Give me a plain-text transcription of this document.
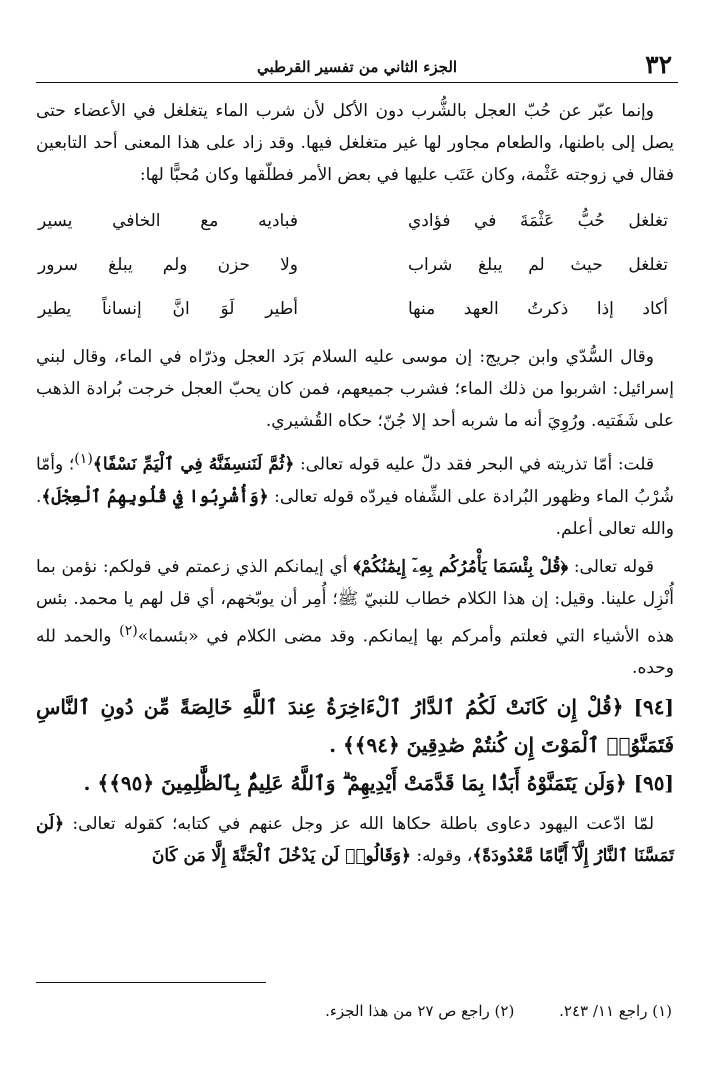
٣٢
الجزء الثاني من تفسير القرطبي

وإنما عبّر عن حُبّ العجل بالشُّرب دون الأكل لأن شرب الماء يتغلغل في الأعضاء حتى يصل إلى باطنها، والطعام مجاور لها غير متغلغل فيها. وقد زاد على هذا المعنى أحد التابعين فقال في زوجته عَثْمة، وكان عَتَب عليها في بعض الأمر فطلّقها وكان مُحبًّا لها:

تغلغل حُبُّ عَثْمَةَ في فؤادي
فباديه مع الخافي يسير
تغلغل حيث لم يبلغ شراب
ولا حزن ولم يبلغ سرور
أكاد إذا ذكرتُ العهد منها
أطير لَوَ انَّ إنساناً يطير

وقال السُّدّي وابن جريج: إن موسى عليه السلام بَرَد العجل وذرّاه في الماء، وقال لبني إسرائيل: اشربوا من ذلك الماء؛ فشرب جميعهم، فمن كان يحبّ العجل خرجت بُرادة الذهب على شَفَتيه. ورُوِيَ أنه ما شربه أحد إلا جُنّ؛ حكاه القُشيري.

قلت: أمّا تذريته في البحر فقد دلّ عليه قوله تعالى: ﴿ثُمَّ لَنَنسِفَنَّهُ فِي ٱلْيَمِّ نَسْفًا﴾$^{(١)}$؛ وأمّا شُرْبُ الماء وظهور البُرادة على الشِّفاه فيردّه قوله تعالى: ﴿وَأُشْرِبُوا فِي قُلُوبِهِمُ ٱلْعِجْلَ﴾. والله تعالى أعلم.

قوله تعالى: ﴿قُلْ بِئْسَمَا يَأْمُرُكُم بِهِۦٓ إِيمَٰنُكُمْ﴾ أي إيمانكم الذي زعمتم في قولكم: نؤمن بما أُنْزِل علينا. وقيل: إن هذا الكلام خطاب للنبيّ ﷺ؛ أُمِر أن يوبّخهم، أي قل لهم يا محمد. بئس هذه الأشياء التي فعلتم وأمركم بها إيمانكم. وقد مضى الكلام في «بئسما»$^{(٢)}$ والحمد لله وحده.

[٩٤] ﴿قُلْ إِن كَانَتْ لَكُمُ ٱلدَّارُ ٱلْءَاخِرَةُ عِندَ ٱللَّهِ خَالِصَةً مِّن دُونِ ٱلنَّاسِ فَتَمَنَّوُا۟ ٱلْمَوْتَ إِن كُنتُمْ صَٰدِقِينَ ﴿٩٤﴾﴾ .

[٩٥] ﴿وَلَن يَتَمَنَّوْهُ أَبَدًۢا بِمَا قَدَّمَتْ أَيْدِيهِمْ ۗ وَٱللَّهُ عَلِيمٌۢ بِٱلظَّٰلِمِينَ ﴿٩٥﴾﴾ .

لمّا ادّعت اليهود دعاوى باطلة حكاها الله عز وجل عنهم في كتابه؛ كقوله تعالى: ﴿لَن تَمَسَّنَا ٱلنَّارُ إِلَّآ أَيَّامًا مَّعْدُودَةً﴾، وقوله: ﴿وَقَالُوا۟ لَن يَدْخُلَ ٱلْجَنَّةَ إِلَّا مَن كَانَ

(١) راجع ١١/ ٢٤٣. (٢) راجع ص ٢٧ من هذا الجزء.
